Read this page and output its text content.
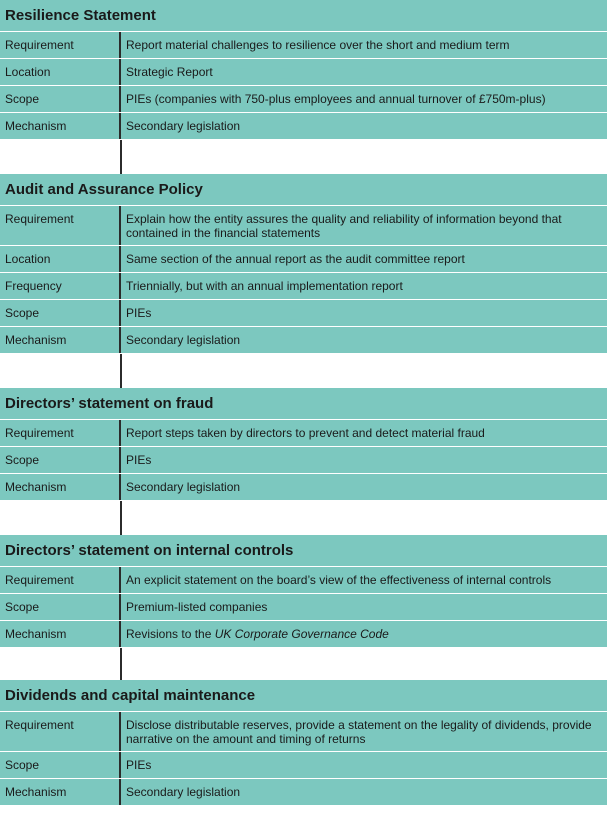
Resilience Statement
Requirement	Report material challenges to resilience over the short and medium term
Location	Strategic Report
Scope	PIEs (companies with 750-plus employees and annual turnover of £750m-plus)
Mechanism	Secondary legislation
Audit and Assurance Policy
Requirement	Explain how the entity assures the quality and reliability of information beyond that contained in the financial statements
Location	Same section of the annual report as the audit committee report
Frequency	Triennially, but with an annual implementation report
Scope	PIEs
Mechanism	Secondary legislation
Directors’ statement on fraud
Requirement	Report steps taken by directors to prevent and detect material fraud
Scope	PIEs
Mechanism	Secondary legislation
Directors’ statement on internal controls
Requirement	An explicit statement on the board’s view of the effectiveness of internal controls
Scope	Premium-listed companies
Mechanism	Revisions to the UK Corporate Governance Code
Dividends and capital maintenance
Requirement	Disclose distributable reserves, provide a statement on the legality of dividends, provide narrative on the amount and timing of returns
Scope	PIEs
Mechanism	Secondary legislation
